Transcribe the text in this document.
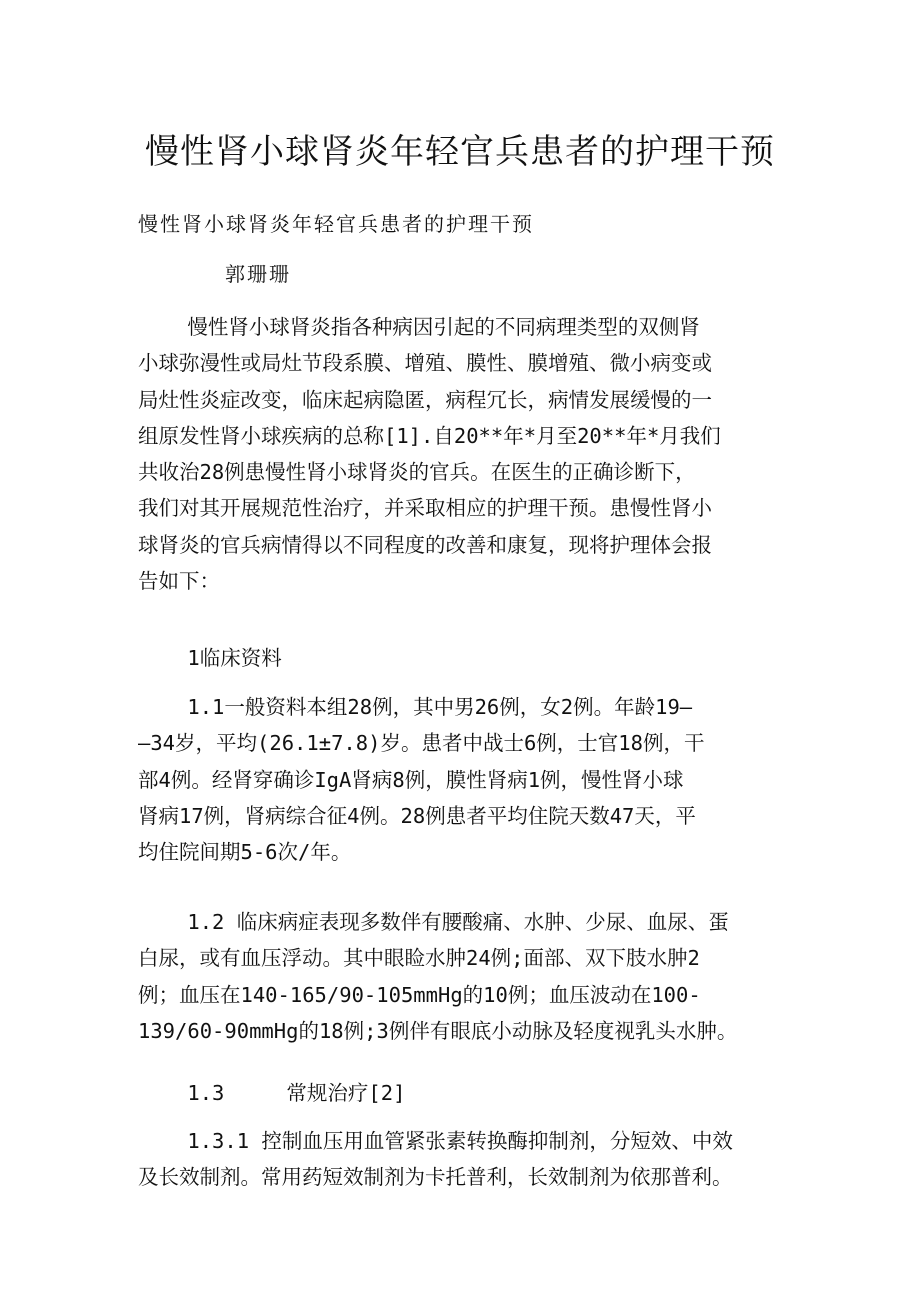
慢性肾小球肾炎年轻官兵患者的护理干预
慢性肾小球肾炎年轻官兵患者的护理干预
郭珊珊
慢性肾小球肾炎指各种病因引起的不同病理类型的双侧肾
小球弥漫性或局灶节段系膜、增殖、膜性、膜增殖、微小病变或
局灶性炎症改变，临床起病隐匿，病程冗长，病情发展缓慢的一
组原发性肾小球疾病的总称[1].自20**年*月至20**年*月我们
共收治28例患慢性肾小球肾炎的官兵。在医生的正确诊断下，
我们对其开展规范性治疗，并采取相应的护理干预。患慢性肾小
球肾炎的官兵病情得以不同程度的改善和康复，现将护理体会报
告如下：
1临床资料
1.1一般资料本组28例，其中男26例，女2例。年龄19—
—34岁，平均(26.1±7.8)岁。患者中战士6例，士官18例，干
部4例。经肾穿确诊IgA肾病8例，膜性肾病1例，慢性肾小球
肾病17例，肾病综合征4例。28例患者平均住院天数47天，平
均住院间期5-6次/年。
1.2 临床病症表现多数伴有腰酸痛、水肿、少尿、血尿、蛋
白尿，或有血压浮动。其中眼睑水肿24例;面部、双下肢水肿2
例；血压在140-165/90-105mmHg的10例；血压波动在100-
139/60-90mmHg的18例;3例伴有眼底小动脉及轻度视乳头水肿。
1.3	常规治疗[2]
1.3.1 控制血压用血管紧张素转换酶抑制剂，分短效、中效
及长效制剂。常用药短效制剂为卡托普利，长效制剂为依那普利。
